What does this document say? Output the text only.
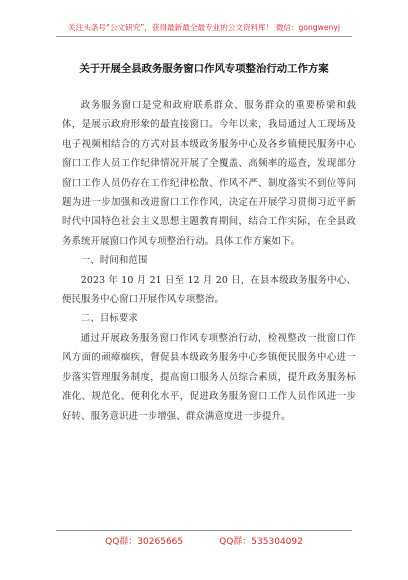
关注头条号“公文研究”，获得最新最全最专业的公文资料库！ 微信：gongwenyj
关于开展全县政务服务窗口作风专项整治行动工作方案

政务服务窗口是党和政府联系群众、服务群众的重要桥梁和载体，是展示政府形象的最直接窗口。今年以来，我局通过人工现场及电子视频相结合的方式对县本级政务服务中心及各乡镇便民服务中心窗口工作人员工作纪律情况开展了全覆盖、高频率的巡查，发现部分窗口工作人员仍存在工作纪律松散、作风不严、制度落实不到位等问题为进一步加强和改进窗口工作作风，决定在开展学习贯彻习近平新时代中国特色社会主义思想主题教育期间，结合工作实际，在全县政务系统开展窗口作风专项整治行动。具体工作方案如下。

一、时间和范围

2023 年 10 月 21 日至 12 月 20 日，在县本级政务服务中心、便民服务中心窗口开展作风专项整治。

二、目标要求

通过开展政务服务窗口作风专项整治行动，检视整改一批窗口作风方面的顽瘴痼疾，督促县本级政务服务中心乡镇便民服务中心进一步落实管理服务制度，提高窗口服务人员综合素质，提升政务服务标准化、规范化、便利化水平，促进政务服务窗口工作人员作风进一步好转、服务意识进一步增强、群众满意度进一步提升。

QQ群：30265665	QQ群：535304092
